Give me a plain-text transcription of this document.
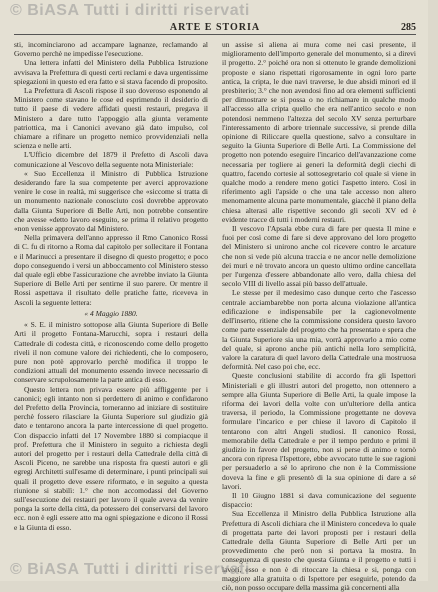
© BiASA Tutti i diritti riservati
ARTE E STORIA	285

sti, incominciarono ad accampare lagnanze, reclamando al Governo perchè ne impedisse l'esecuzione.

Una lettera infatti del Ministero della Pubblica Istruzione avvisava la Prefettura di questi certi reclami e dava urgentissime spiegazioni in questo ed era fatto e si stava facendo di proposito.

La Prefettura di Ascoli rispose il suo doveroso esponendo al Ministero come stavano le cose ed esprimendo il desiderio di tutto il paese di vedere affidati questi restauri, pregava il Ministero a dare tutto l'appoggio alla giunta veramente patriottica, ma i Canonici avevano già dato impulso, col chiamare a rifinare un progetto nemico provvidenziali nella scienza e nelle arti.

L'Ufficio dicembre del 1879 il Prefetto di Ascoli dava comunicazione al Vescovo della seguente nota Ministeriale:

« Suo Eccellenza il Ministro di Pubblica Istruzione desiderando fare la sua competente per averci approvazione venire le cose in realtà, mi suggerisce che «siccome si tratta di un monumento nazionale conosciuto così dovrebbe approvato dalla Giunta Superiore di Belle Arti, non potrebbe consentire che avesse «detto lavoro eseguito, se prima il relativo progetto «non venisse approvato dal Ministero.

Nella primavera dell'anno appresso il Rmo Canonico Rossi di C. fu di ritorno a Roma dal capitolo per sollecitare il Fontana e il Marinucci a presentare il disegno di questo progetto; e poco dopo conseguendo i versi un abboccamento col Ministero stesso dal quale egli ebbe l'assicurazione che avrebbe inviato la Giunta Superiore di Belle Arti per sentirne il suo parere. Or mentre il Rossi aspettava il risultato delle pratiche fatte, riceveva in Ascoli la seguente lettera:

« 4 Maggio 1880.

« S. E. il ministro sottopose alla Giunta Superiore di Belle Arti il progetto Fontana-Marucchi, sopra i restauri della Cattedrale di codesta città, e riconoscendo come dello progetto riveli il non comune valore dei richiedenti, che lo composero, pure non potè approvarlo perchè modifica il troppo le condizioni attuali del monumento essendo invece necessario di conservare scrupolosamente la parte antica di esso.

Questo lettera non privava essere più affliggente per i canonici; egli intanto non si perdettero di animo e confidarono del Prefetto della Provincia, torneranno ad iniziare di sostituire perchè fossero rilasciare la Giunta Superiore sul giudizio già dato e tentarono ancora la parte intercessione di quel progetto. Con dispaccio infatti del 17 Novembre 1880 si compiacque il prof. Prefettura che il Ministero in seguito a richiesta degli autori del progetto per i restauri della Cattedrale della città di Ascoli Piceno, ne sarebbe una risposta fra questi autori e gli egregi Architetti sull'esame di determinare, i punti principali sui quali il progetto deve essere riformato, e in seguito a questa riunione si stabilì: 1.° che non accomodassi del Governo sull'esecuzione dei restauri per lavoro il quale aveva da venire ponga la sorte della città, da potessero dei conservarsi del lavoro ecc. non è egli essere atto ma ogni spiegazione e dicono il Rossi e la Giunta di esso.

un assise sì aliena ai mura come nei casi presente, il miglioramento dell'importo generale del monumento, si a direvi il progetto. 2.° poiché ora non si ottenuto le grande demolizioni proposte e siano rispettati rigorosamente in ogni loro parte antica, la cripta, le due navi traverse, le due absidi minori ed il presbiterio; 3.° che non avendosi fino ad ora elementi sufficienti per dimostrare se si possa o no richiamare in qualche modo all'accesso alla cripta quello che era nell'antico secolo e non potendosi nemmeno l'altezza del secolo XV senza perturbare l'interessamento di arbore triennale successive, si prende dilla opinione di Riliccare quella questione, salvo a consultare in seguito la Giunta Superiore di Belle Arti. La Commissione del progetto non potendo eseguire l'incarico dell'avanzazione come necessaria per togliere ai generi la deformità degli ciechi di quattro, facendo cortesie al sottosegretario col quale si viene in qualche modo a rendere meno gotici l'aspetto intero. Così in riferimento agli l'apside o che una tale accesso non altero menomamente alcuna parte monumentale, giacchè il piano della chiesa alterasi alle rispettive secondo gli secoli XV ed è evidente tracce di tutti i moderni restauri.

Il vescovo l'Apsala ebbe cura di fare per questa Il mine e fuoi per così come di fare si deve approvano del loro progetto del Ministero si unirono anche col ricevere contro le arcature che non si vede più alcuna traccia e ne ancor nelle demolizione dei muri e nè trovato ancora un questo ultimo ordine cancellata per l'urgenza d'essere abbandonate allo vero, dalla chiesa del secolo VIII di livello assai più basso dell'attuale.

Le stesse per il medesimo caso dunque certo che l'ascesso centrale acciambarebbe non porta alcuna violazione all'antica edificazione e indispensabile per la cagionevolmente dell'inserto, ritiene che la commissione considera questo lavoro come parte essenziale del progetto che ha presentato e spera che la Giunta Superiore sia una mia, vorrà approvarlo a mio come del quale, si aprono anche più antichi nella loro semplicità, valore la caratura di quel lavoro della Cattedrale una mostruosa deformità. Nel caso poi che, ecc.

Queste conclusioni stabilite di accordo fra gli Ispettori Ministeriali e gli illustri autori del progetto, non ottennero a sempre alla Giunta Superiore di Belle Arti, la quale impose la riforma dei lavori della volte con un'ulteriore della antica traversa, il periodo, la Commissione progettante ne doveva formulare l'incarico e per chiese il lavoro di Capitolo il tentarono con altri Angeli studiosi. Il canonico Rossi, memorabile della Cattedrale e per il tempo perduto e primi il giudizio in favore del progetto, non si perse di animo e tornò ancora con ripresa l'Ispettore, ebbe avvocato tutte le sue ragioni per persuaderlo a sé lo aprirono che non è la Commissione doveva la fine e gli presentò di la sua opinione di dare a sé lavori.

Il 10 Giugno 1881 si dava comunicazione del seguente dispaccio:

Sua Eccellenza il Ministro della Pubblica Istruzione alla Prefettura di Ascoli dichiara che il Ministero concedeva lo quale di progettata parte dei lavori proposti per i restauri della Cattedrale della Giunta Superiore di Belle Arti per un provvedimento che però non si portava la mostra. In conseguenza di questo che questa Giunta e il progetto e tutti i lavori, esso e non è di ritoccare la chiesa e si, ponga con maggiore alla gratuita o di Ispettore per eseguirle, potendo da ciò, non posso occupare della massima già concernenti alla

© BiASA Tutti i diritti riservati
